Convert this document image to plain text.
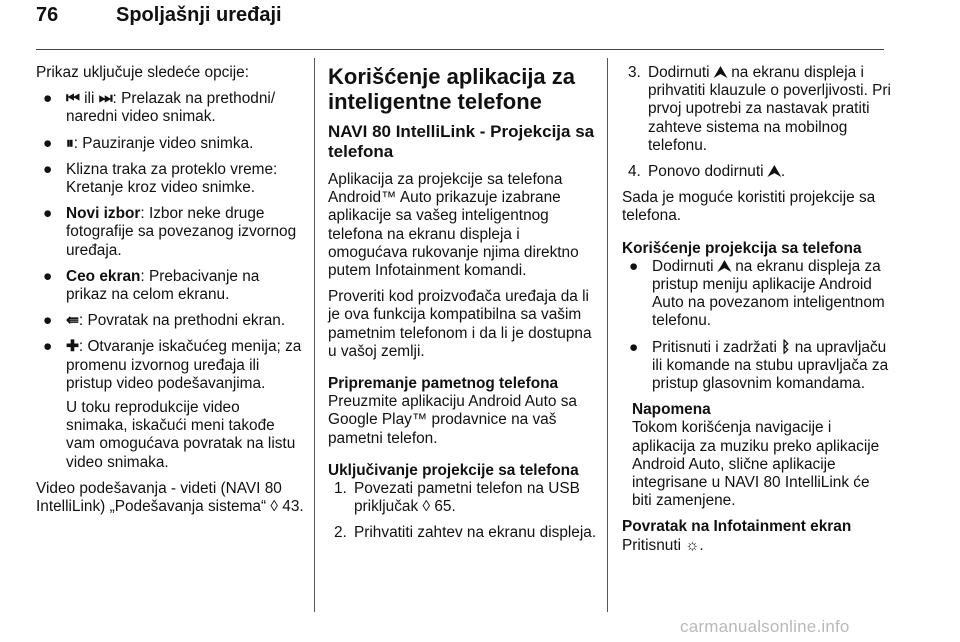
76	Spoljašnji uređaji

Prikaz uključuje sledeće opcije:

● ⏮ ili ⏭: Prelazak na prethodni/ naredni video snimak.
● ⏸: Pauziranje video snimka.
● Klizna traka za proteklo vreme: Kretanje kroz video snimke.
● Novi izbor: Izbor neke druge fotografije sa povezanog izvornog uređaja.
● Ceo ekran: Prebacivanje na prikaz na celom ekranu.
● ⇚: Povratak na prethodni ekran.
● ✚: Otvaranje iskačućeg menija; za promenu izvornog uređaja ili pristup video podešavanjima.

U toku reprodukcije video snimaka, iskačući meni takođe vam omogućava povratak na listu video snimaka.

Video podešavanja - videti (NAVI 80 IntelliLink) „Podešavanja sistema“ ◊ 43.

Korišćenje aplikacija za inteligentne telefone
NAVI 80 IntelliLink - Projekcija sa telefona

Aplikacija za projekcije sa telefona Android™ Auto prikazuje izabrane aplikacije sa vašeg inteligentnog telefona na ekranu displeja i omogućava rukovanje njima direktno putem Infotainment komandi.

Proveriti kod proizvođača uređaja da li je ova funkcija kompatibilna sa vašim pametnim telefonom i da li je dostupna u vašoj zemlji.

Pripremanje pametnog telefona

Preuzmite aplikaciju Android Auto sa Google Play™ prodavnice na vaš pametni telefon.

Uključivanje projekcije sa telefona
1. Povezati pametni telefon na USB priključak ◊ 65.
2. Prihvatiti zahtev na ekranu displeja.
3. Dodirnuti ⮝ na ekranu displeja i prihvatiti klauzule o poverljivosti. Pri prvoj upotrebi za nastavak pratiti zahteve sistema na mobilnog telefonu.
4. Ponovo dodirnuti ⮝.

Sada je moguće koristiti projekcije sa telefona.

Korišćenje projekcija sa telefona
● Dodirnuti ⮝ na ekranu displeja za pristup meniju aplikacije Android Auto na povezanom inteligentnom telefonu.
● Pritisnuti i zadržati ᛒ na upravljaču ili komande na stubu upravljača za pristup glasovnim komandama.
Napomena
Tokom korišćenja navigacije i aplikacija za muziku preko aplikacije Android Auto, slične aplikacije integrisane u NAVI 80 IntelliLink će biti zamenjene.
Povratak na Infotainment ekran

Pritisnuti ☼.

carmanualsonline.info
